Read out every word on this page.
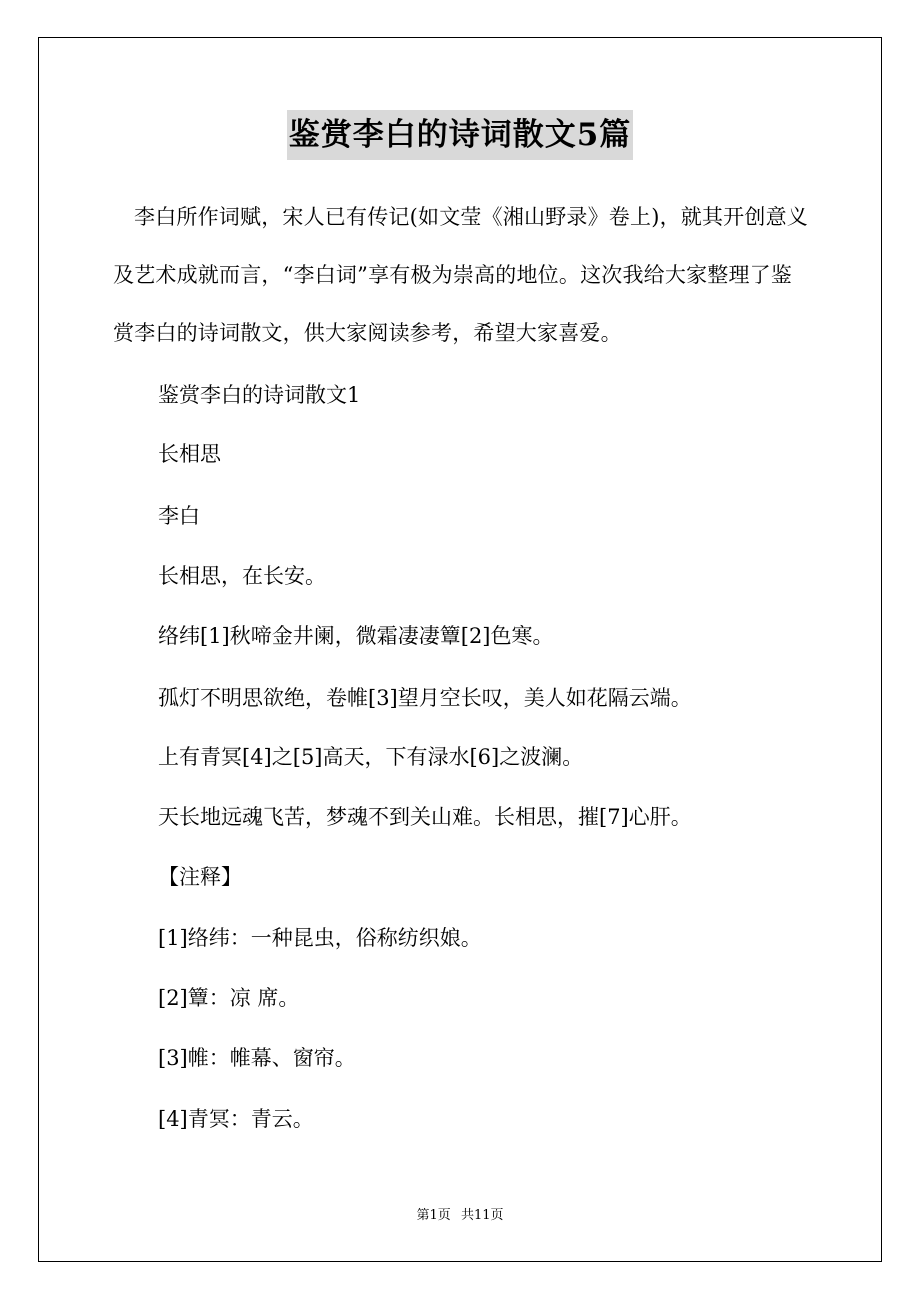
鉴赏李白的诗词散文5篇

李白所作词赋，宋人已有传记(如文莹《湘山野录》卷上)，就其开创意义及艺术成就而言，“李白词”享有极为崇高的地位。这次我给大家整理了鉴赏李白的诗词散文，供大家阅读参考，希望大家喜爱。

鉴赏李白的诗词散文1

长相思

李白

长相思，在长安。

络纬[1]秋啼金井阑，微霜凄凄簟[2]色寒。

孤灯不明思欲绝，卷帷[3]望月空长叹，美人如花隔云端。

上有青冥[4]之[5]高天，下有渌水[6]之波澜。

天长地远魂飞苦，梦魂不到关山难。长相思，摧[7]心肝。

【注释】

[1]络纬：一种昆虫，俗称纺织娘。

[2]簟：凉 席。

[3]帷：帷幕、窗帘。

[4]青冥：青云。

第1页 共11页
